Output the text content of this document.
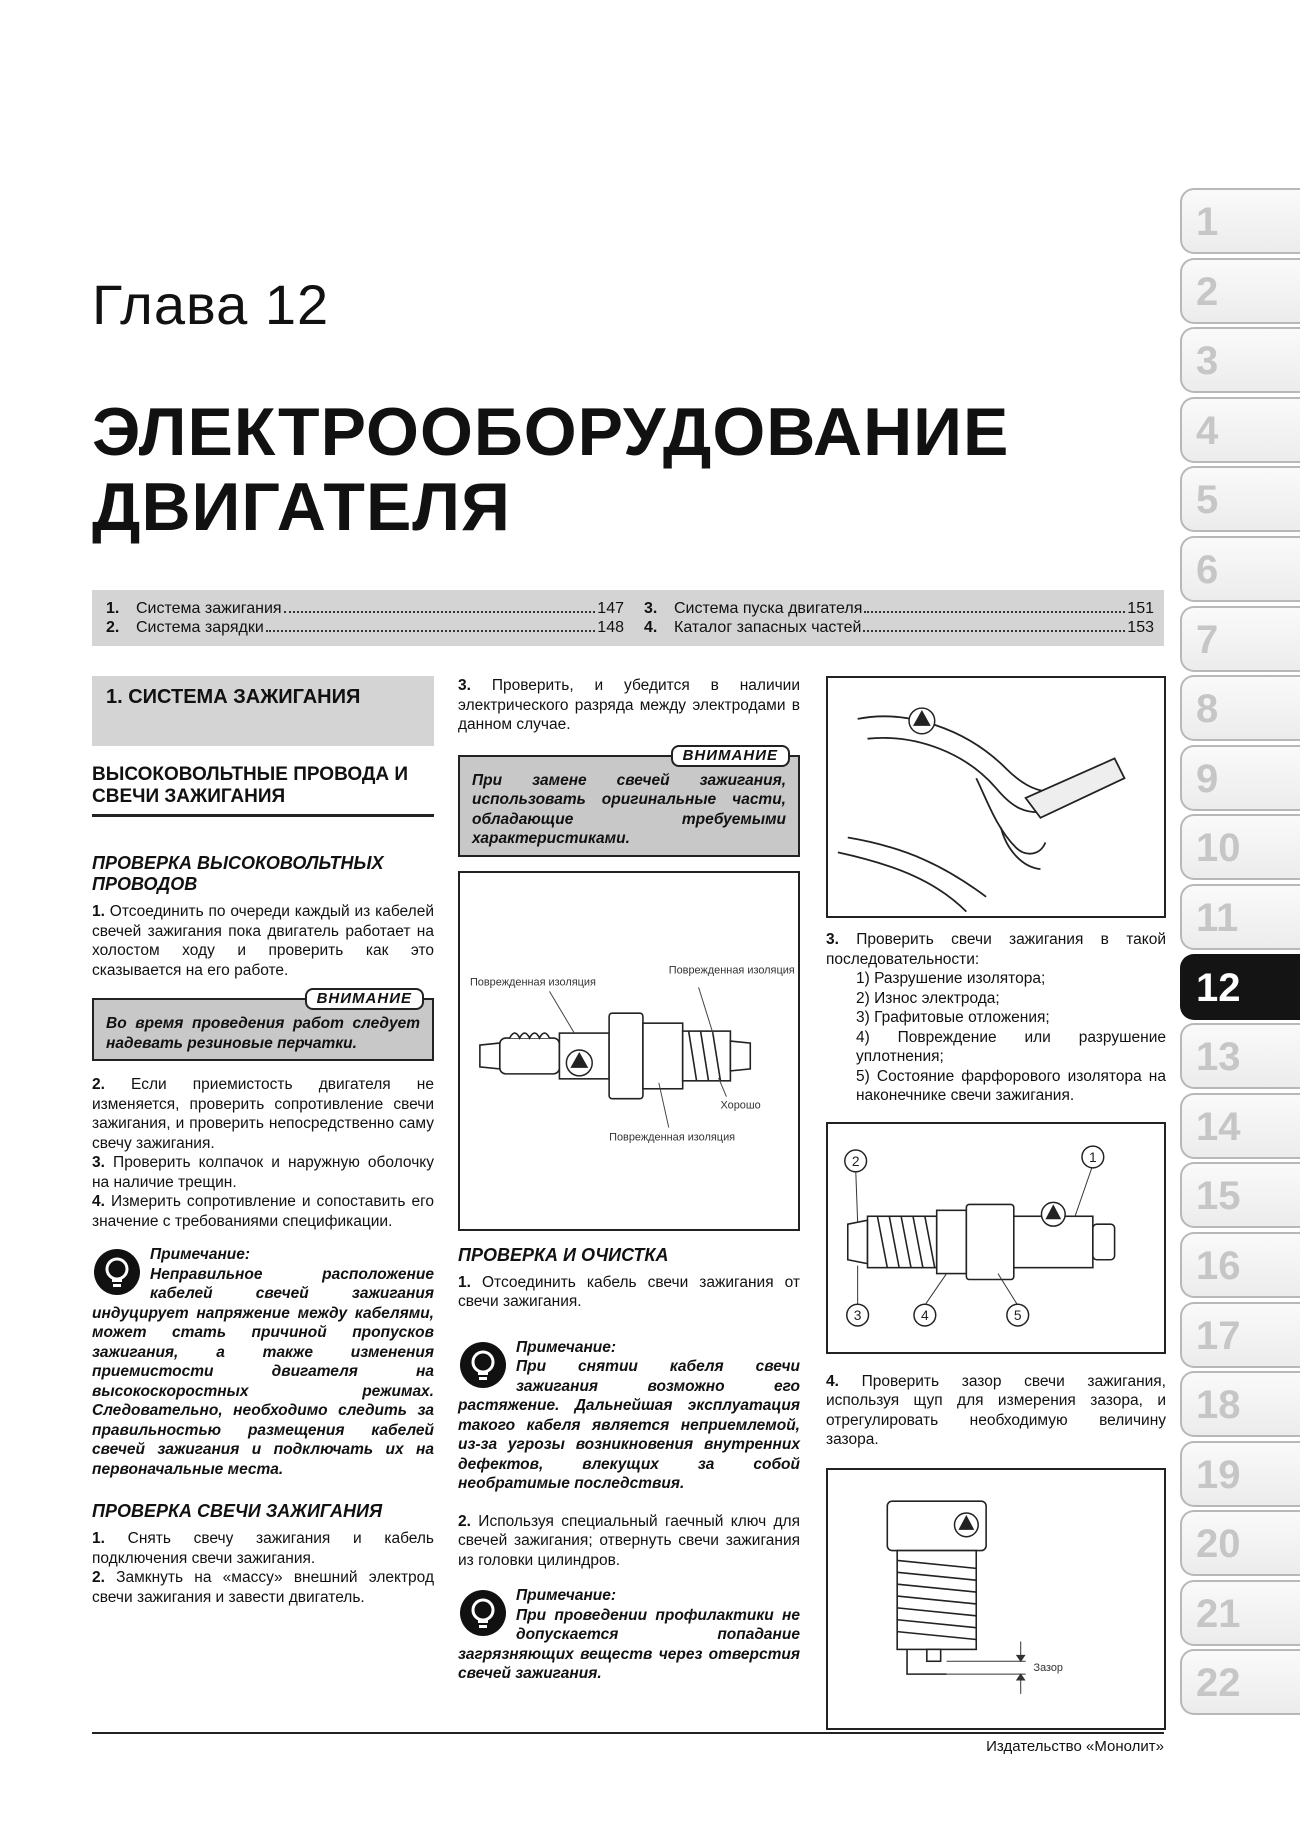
Глава 12
ЭЛЕКТРООБОРУДОВАНИЕ
ДВИГАТЕЛЯ
1.	Система зажигания	147
2.	Система зарядки	148
3.	Система пуска двигателя	151
4.	Каталог запасных частей	153
1
2
3
4
5
6
7
8
9
10
11
12
13
14
15
16
17
18
19
20
21
22
1. СИСТЕМА ЗАЖИГАНИЯ
ВЫСОКОВОЛЬТНЫЕ ПРОВОДА И СВЕЧИ ЗАЖИГАНИЯ
ПРОВЕРКА ВЫСОКОВОЛЬТНЫХ ПРОВОДОВ

1. Отсоединить по очереди каждый из кабелей свечей зажигания пока двигатель работает на холостом ходу и проверить как это сказывается на его работе.

ВНИМАНИЕ
Во время проведения работ следует надевать резиновые перчатки.

2. Если приемистость двигателя не изменяется, проверить сопротивление свечи зажигания, и проверить непосредственно саму свечу зажигания.

3. Проверить колпачок и наружную оболочку на наличие трещин.

4. Измерить сопротивление и сопоставить его значение с требованиями спецификации.

Примечание:
Неправильное расположение кабелей свечей зажигания индуцирует напряжение между кабелями, может стать причиной пропусков зажигания, а также изменения приемистости двигателя на высокоскоростных режимах. Следовательно, необходимо следить за правильностью размещения кабелей свечей зажигания и подключать их на первоначальные места.
ПРОВЕРКА СВЕЧИ ЗАЖИГАНИЯ

1. Снять свечу зажигания и кабель подключения свечи зажигания.

2. Замкнуть на «массу» внешний электрод свечи зажигания и завести двигатель.

3. Проверить, и убедится в наличии электрического разряда между электродами в данном случае.

ВНИМАНИЕ
При замене свечей зажигания, использовать оригинальные части, обладающие требуемыми характеристиками.
Поврежденная изоляция
Поврежденная изоляция
Хорошо
Поврежденная изоляция
ПРОВЕРКА И ОЧИСТКА

1. Отсоединить кабель свечи зажигания от свечи зажигания.

Примечание:
При снятии кабеля свечи зажигания возможно его растяжение. Дальнейшая эксплуатация такого кабеля является неприемлемой, из-за угрозы возникновения внутренних дефектов, влекущих за собой необратимые последствия.

2. Используя специальный гаечный ключ для свечей зажигания; отвернуть свечи зажигания из головки цилиндров.

Примечание:
При проведении профилактики не допускается попадание загрязняющих веществ через отверстия свечей зажигания.

3. Проверить свечи зажигания в такой последовательности:

1) Разрушение изолятора;

2) Износ электрода;

3) Графитовые отложения;

4) Повреждение или разрушение уплотнения;

5) Состояние фарфорового изолятора на наконечнике свечи зажигания.

2	1
3	4	5

4. Проверить зазор свечи зажигания, используя щуп для измерения зазора, и отрегулировать необходимую величину зазора.

Зазор
Издательство «Монолит»
